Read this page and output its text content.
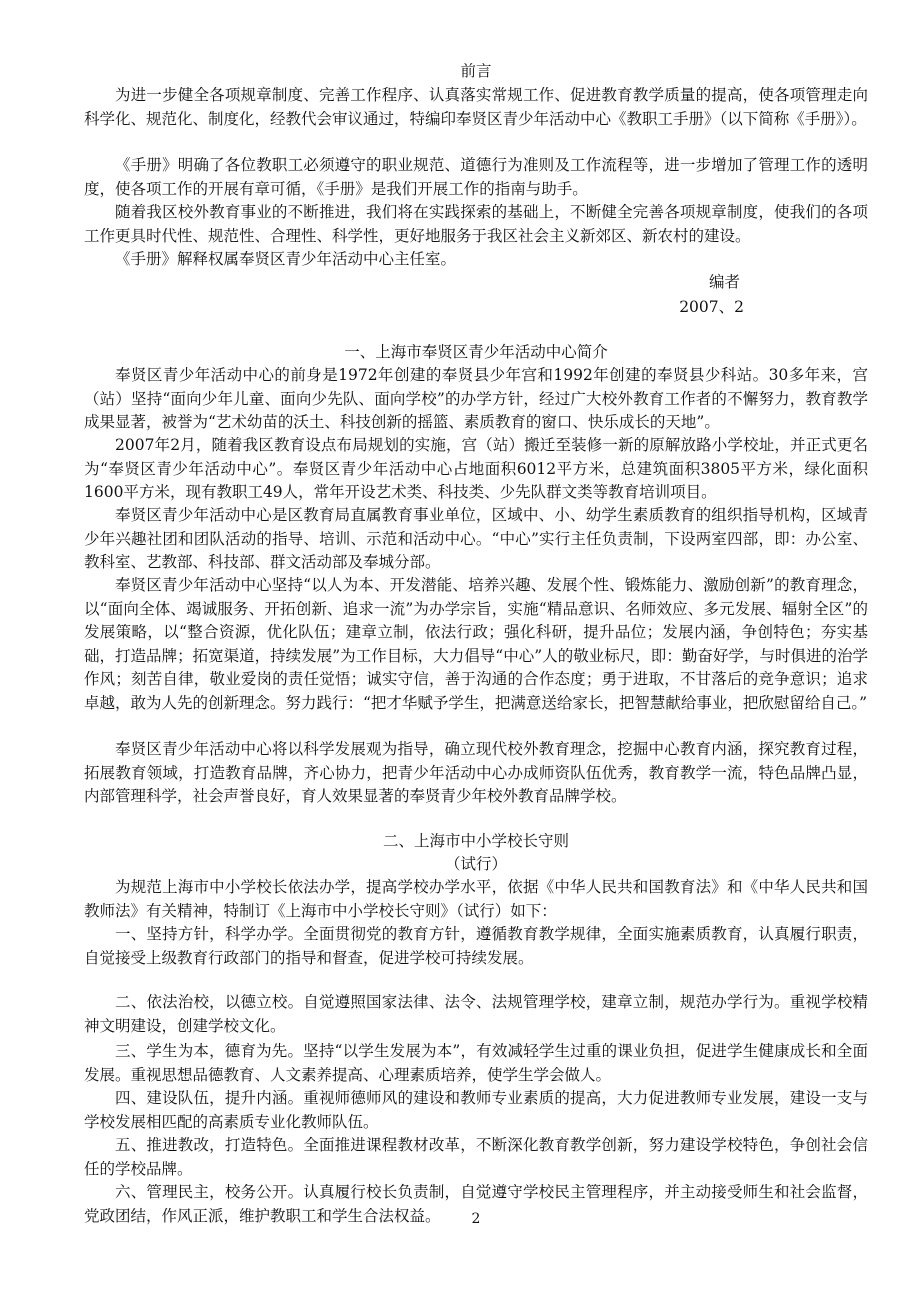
前言

为进一步健全各项规章制度、完善工作程序、认真落实常规工作、促进教育教学质量的提高，使各项管理走向科学化、规范化、制度化，经教代会审议通过，特编印奉贤区青少年活动中心《教职工手册》（以下简称《手册》）。

《手册》明确了各位教职工必须遵守的职业规范、道德行为准则及工作流程等，进一步增加了管理工作的透明度，使各项工作的开展有章可循，《手册》是我们开展工作的指南与助手。

随着我区校外教育事业的不断推进，我们将在实践探索的基础上，不断健全完善各项规章制度，使我们的各项工作更具时代性、规范性、合理性、科学性，更好地服务于我区社会主义新郊区、新农村的建设。

《手册》解释权属奉贤区青少年活动中心主任室。

编者

2007、2

一、上海市奉贤区青少年活动中心简介

奉贤区青少年活动中心的前身是1972年创建的奉贤县少年宫和1992年创建的奉贤县少科站。30多年来，宫（站）坚持“面向少年儿童、面向少先队、面向学校”的办学方针，经过广大校外教育工作者的不懈努力，教育教学成果显著，被誉为“艺术幼苗的沃土、科技创新的摇篮、素质教育的窗口、快乐成长的天地”。

2007年2月，随着我区教育设点布局规划的实施，宫（站）搬迁至装修一新的原解放路小学校址，并正式更名为“奉贤区青少年活动中心”。奉贤区青少年活动中心占地面积6012平方米，总建筑面积3805平方米，绿化面积1600平方米，现有教职工49人，常年开设艺术类、科技类、少先队群文类等教育培训项目。

奉贤区青少年活动中心是区教育局直属教育事业单位，区域中、小、幼学生素质教育的组织指导机构，区域青少年兴趣社团和团队活动的指导、培训、示范和活动中心。“中心”实行主任负责制，下设两室四部，即：办公室、教科室、艺教部、科技部、群文活动部及奉城分部。

奉贤区青少年活动中心坚持“以人为本、开发潜能、培养兴趣、发展个性、锻炼能力、激励创新”的教育理念，以“面向全体、竭诚服务、开拓创新、追求一流”为办学宗旨，实施“精品意识、名师效应、多元发展、辐射全区”的发展策略，以“整合资源，优化队伍；建章立制，依法行政；强化科研，提升品位；发展内涵，争创特色；夯实基础，打造品牌；拓宽渠道，持续发展”为工作目标，大力倡导“中心”人的敬业标尺，即：勤奋好学，与时俱进的治学作风；刻苦自律，敬业爱岗的责任觉悟；诚实守信，善于沟通的合作态度；勇于进取，不甘落后的竞争意识；追求卓越，敢为人先的创新理念。努力践行：“把才华赋予学生，把满意送给家长，把智慧献给事业，把欣慰留给自己。”

奉贤区青少年活动中心将以科学发展观为指导，确立现代校外教育理念，挖掘中心教育内涵，探究教育过程，拓展教育领域，打造教育品牌，齐心协力，把青少年活动中心办成师资队伍优秀，教育教学一流，特色品牌凸显，内部管理科学，社会声誉良好，育人效果显著的奉贤青少年校外教育品牌学校。

二、上海市中小学校长守则

（试行）

为规范上海市中小学校长依法办学，提高学校办学水平，依据《中华人民共和国教育法》和《中华人民共和国教师法》有关精神，特制订《上海市中小学校长守则》（试行）如下：

一、坚持方针，科学办学。全面贯彻党的教育方针，遵循教育教学规律，全面实施素质教育，认真履行职责，自觉接受上级教育行政部门的指导和督查，促进学校可持续发展。

二、依法治校，以德立校。自觉遵照国家法律、法令、法规管理学校，建章立制，规范办学行为。重视学校精神文明建设，创建学校文化。

三、学生为本，德育为先。坚持“以学生发展为本”，有效减轻学生过重的课业负担，促进学生健康成长和全面发展。重视思想品德教育、人文素养提高、心理素质培养，使学生学会做人。

四、建设队伍，提升内涵。重视师德师风的建设和教师专业素质的提高，大力促进教师专业发展，建设一支与学校发展相匹配的高素质专业化教师队伍。

五、推进教改，打造特色。全面推进课程教材改革，不断深化教育教学创新，努力建设学校特色，争创社会信任的学校品牌。

六、管理民主，校务公开。认真履行校长负责制，自觉遵守学校民主管理程序，并主动接受师生和社会监督，党政团结，作风正派，维护教职工和学生合法权益。	2
